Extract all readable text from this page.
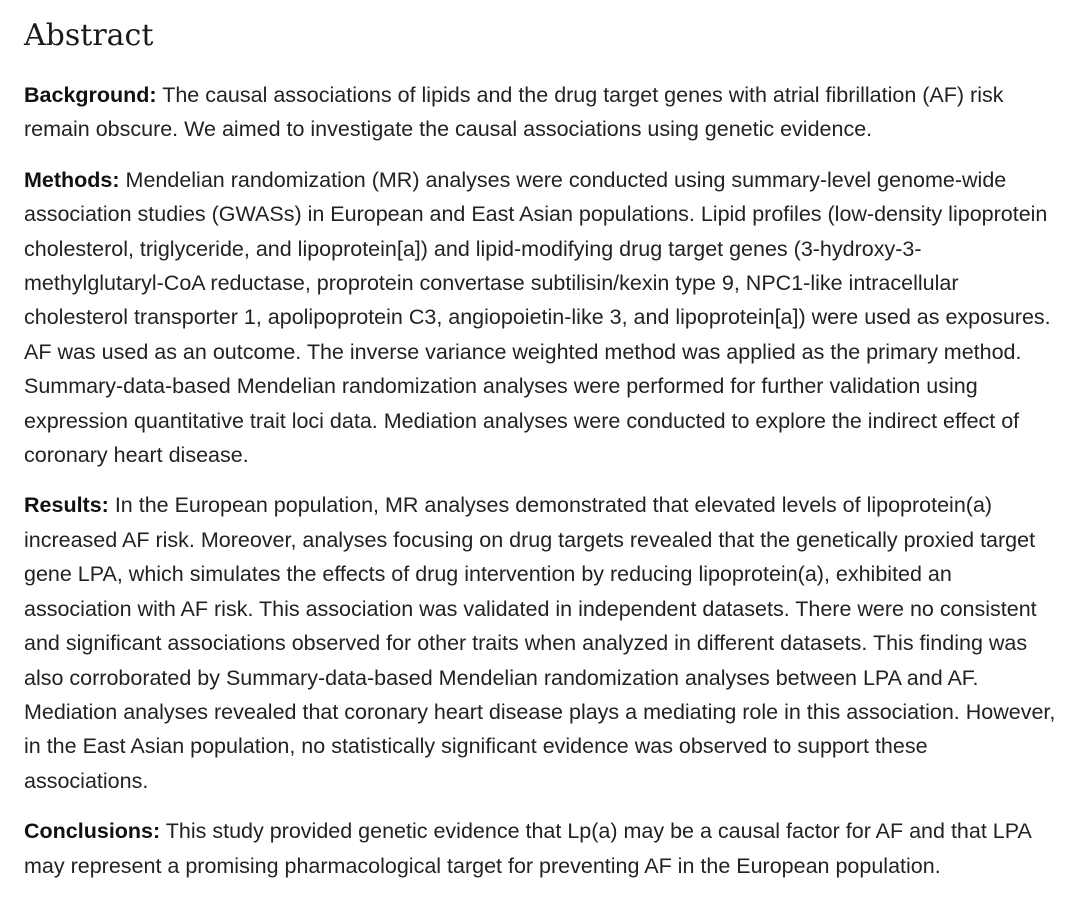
Abstract

Background: The causal associations of lipids and the drug target genes with atrial fibrillation (AF) risk remain obscure. We aimed to investigate the causal associations using genetic evidence.

Methods: Mendelian randomization (MR) analyses were conducted using summary-level genome-wide association studies (GWASs) in European and East Asian populations. Lipid profiles (low-density lipoprotein cholesterol, triglyceride, and lipoprotein[a]) and lipid-modifying drug target genes (3-hydroxy-3-methylglutaryl-CoA reductase, proprotein convertase subtilisin/kexin type 9, NPC1-like intracellular cholesterol transporter 1, apolipoprotein C3, angiopoietin-like 3, and lipoprotein[a]) were used as exposures. AF was used as an outcome. The inverse variance weighted method was applied as the primary method. Summary-data-based Mendelian randomization analyses were performed for further validation using expression quantitative trait loci data. Mediation analyses were conducted to explore the indirect effect of coronary heart disease.

Results: In the European population, MR analyses demonstrated that elevated levels of lipoprotein(a) increased AF risk. Moreover, analyses focusing on drug targets revealed that the genetically proxied target gene LPA, which simulates the effects of drug intervention by reducing lipoprotein(a), exhibited an association with AF risk. This association was validated in independent datasets. There were no consistent and significant associations observed for other traits when analyzed in different datasets. This finding was also corroborated by Summary-data-based Mendelian randomization analyses between LPA and AF. Mediation analyses revealed that coronary heart disease plays a mediating role in this association. However, in the East Asian population, no statistically significant evidence was observed to support these associations.

Conclusions: This study provided genetic evidence that Lp(a) may be a causal factor for AF and that LPA may represent a promising pharmacological target for preventing AF in the European population.
